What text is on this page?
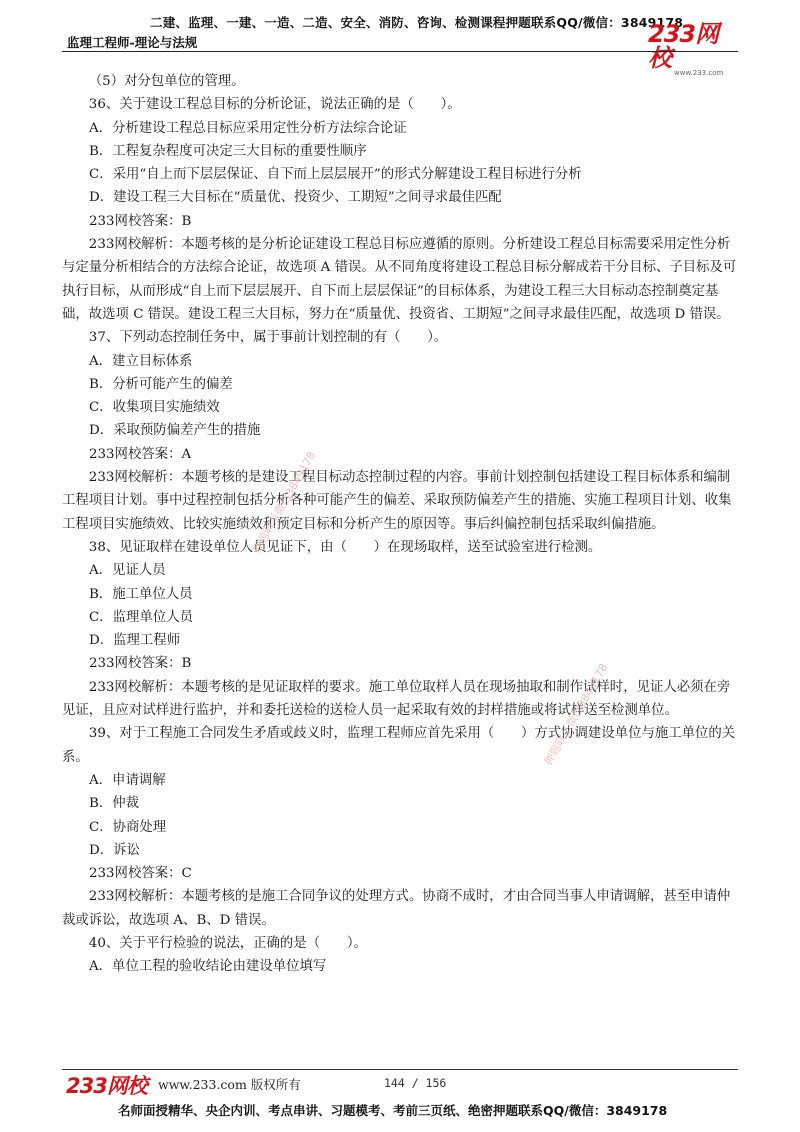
二建、监理、一建、一造、二造、安全、消防、咨询、检测课程押题联系QQ/微信：3849178
监理工程师-理论与法规	233网校
www.233.com

（5）对分包单位的管理。

36、关于建设工程总目标的分析论证，说法正确的是（　　）。

A．分析建设工程总目标应采用定性分析方法综合论证

B．工程复杂程度可决定三大目标的重要性顺序

C．采用“自上而下层层保证、自下而上层层展开”的形式分解建设工程目标进行分析

D．建设工程三大目标在“质量优、投资少、工期短”之间寻求最佳匹配

233网校答案：B

233网校解析：本题考核的是分析论证建设工程总目标应遵循的原则。分析建设工程总目标需要采用定性分析与定量分析相结合的方法综合论证，故选项 A 错误。从不同角度将建设工程总目标分解成若干分目标、子目标及可执行目标，从而形成“自上而下层层展开、自下而上层层保证”的目标体系，为建设工程三大目标动态控制奠定基础，故选项 C 错误。建设工程三大目标，努力在“质量优、投资省、工期短”之间寻求最佳匹配，故选项 D 错误。

37、下列动态控制任务中，属于事前计划控制的有（　　）。

A．建立目标体系

B．分析可能产生的偏差

C．收集项目实施绩效

D．采取预防偏差产生的措施

233网校答案：A

233网校解析：本题考核的是建设工程目标动态控制过程的内容。事前计划控制包括建设工程目标体系和编制工程项目计划。事中过程控制包括分析各种可能产生的偏差、采取预防偏差产生的措施、实施工程项目计划、收集工程项目实施绩效、比较实施绩效和预定目标和分析产生的原因等。事后纠偏控制包括采取纠偏措施。

38、见证取样在建设单位人员见证下，由（　　）在现场取样，送至试验室进行检测。

A．见证人员

B．施工单位人员

C．监理单位人员

D．监理工程师

233网校答案：B

233网校解析：本题考核的是见证取样的要求。施工单位取样人员在现场抽取和制作试样时，见证人必须在旁见证，且应对试样进行监护，并和委托送检的送检人员一起采取有效的封样措施或将试样送至检测单位。

39、对于工程施工合同发生矛盾或歧义时，监理工程师应首先采用（　　）方式协调建设单位与施工单位的关系。

A．申请调解

B．仲裁

C．协商处理

D．诉讼

233网校答案：C

233网校解析：本题考核的是施工合同争议的处理方式。协商不成时，才由合同当事人申请调解，甚至申请仲裁或诉讼，故选项 A、B、D 错误。

40、关于平行检验的说法，正确的是（　　）。

A．单位工程的验收结论由建设单位填写

押题联系微信3849178
押题联系微信3849178
233网校 www.233.com 版权所有	144 / 156
名师面授精华、央企内训、考点串讲、习题模考、考前三页纸、绝密押题联系QQ/微信：3849178
